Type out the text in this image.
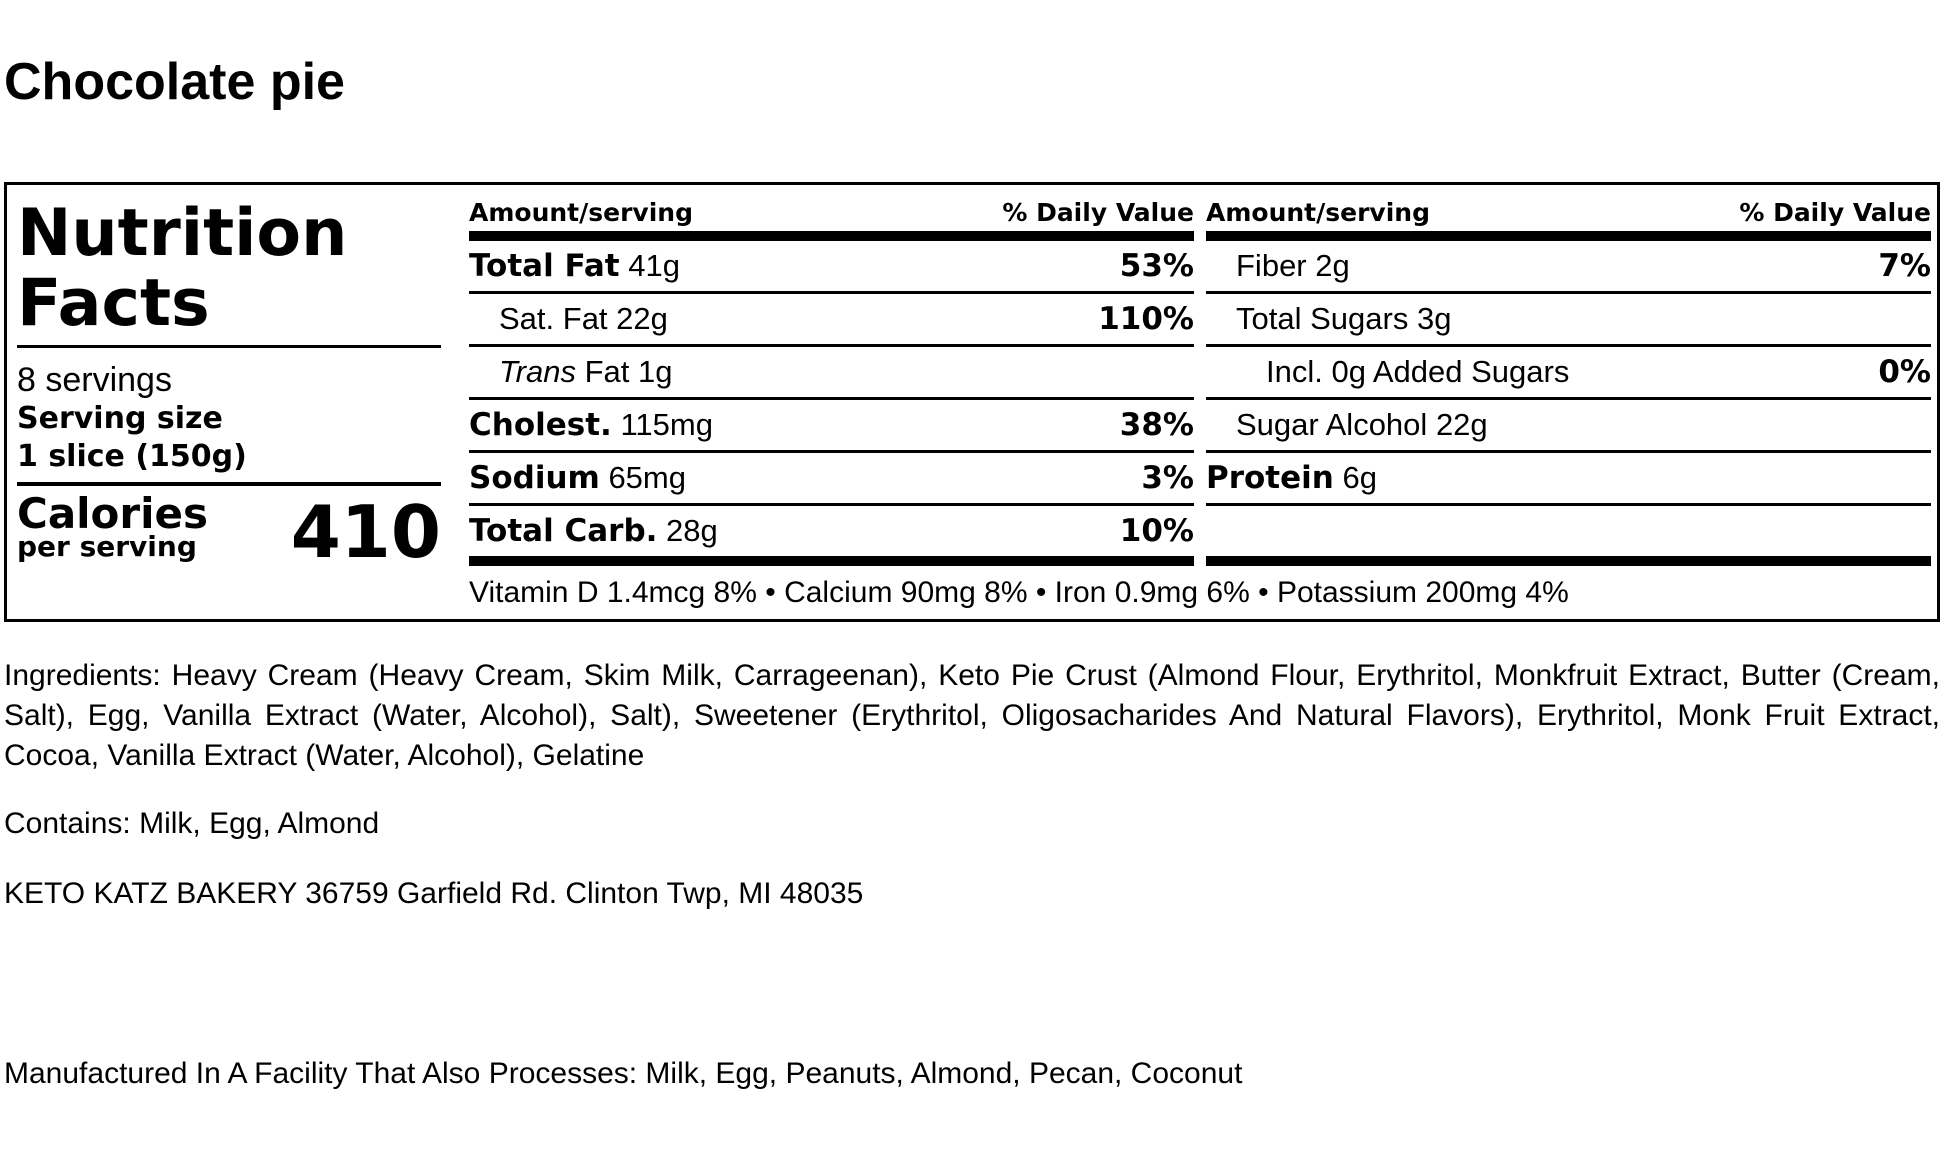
Chocolate pie
Nutrition
Facts
8 servings
Serving size
1 slice (150g)
Calories
per serving 410
Amount/serving	% Daily Value
Total Fat 41g	53%
Sat. Fat 22g	110%
Trans Fat 1g
Cholest. 115mg	38%
Sodium 65mg	3%
Total Carb. 28g	10%
Amount/serving	% Daily Value
Fiber 2g	7%
Total Sugars 3g
Incl. 0g Added Sugars	0%
Sugar Alcohol 22g
Protein 6g
Vitamin D 1.4mcg 8% • Calcium 90mg 8% • Iron 0.9mg 6% • Potassium 200mg 4%

Ingredients: Heavy Cream (Heavy Cream, Skim Milk, Carrageenan), Keto Pie Crust (Almond Flour, Erythritol, Monkfruit Extract, Butter (Cream, Salt), Egg, Vanilla Extract (Water, Alcohol), Salt), Sweetener (Erythritol, Oligosacharides And Natural Flavors), Erythritol, Monk Fruit Extract, Cocoa, Vanilla Extract (Water, Alcohol), Gelatine

Contains: Milk, Egg, Almond

KETO KATZ BAKERY 36759 Garfield Rd. Clinton Twp, MI 48035

Manufactured In A Facility That Also Processes: Milk, Egg, Peanuts, Almond, Pecan, Coconut
